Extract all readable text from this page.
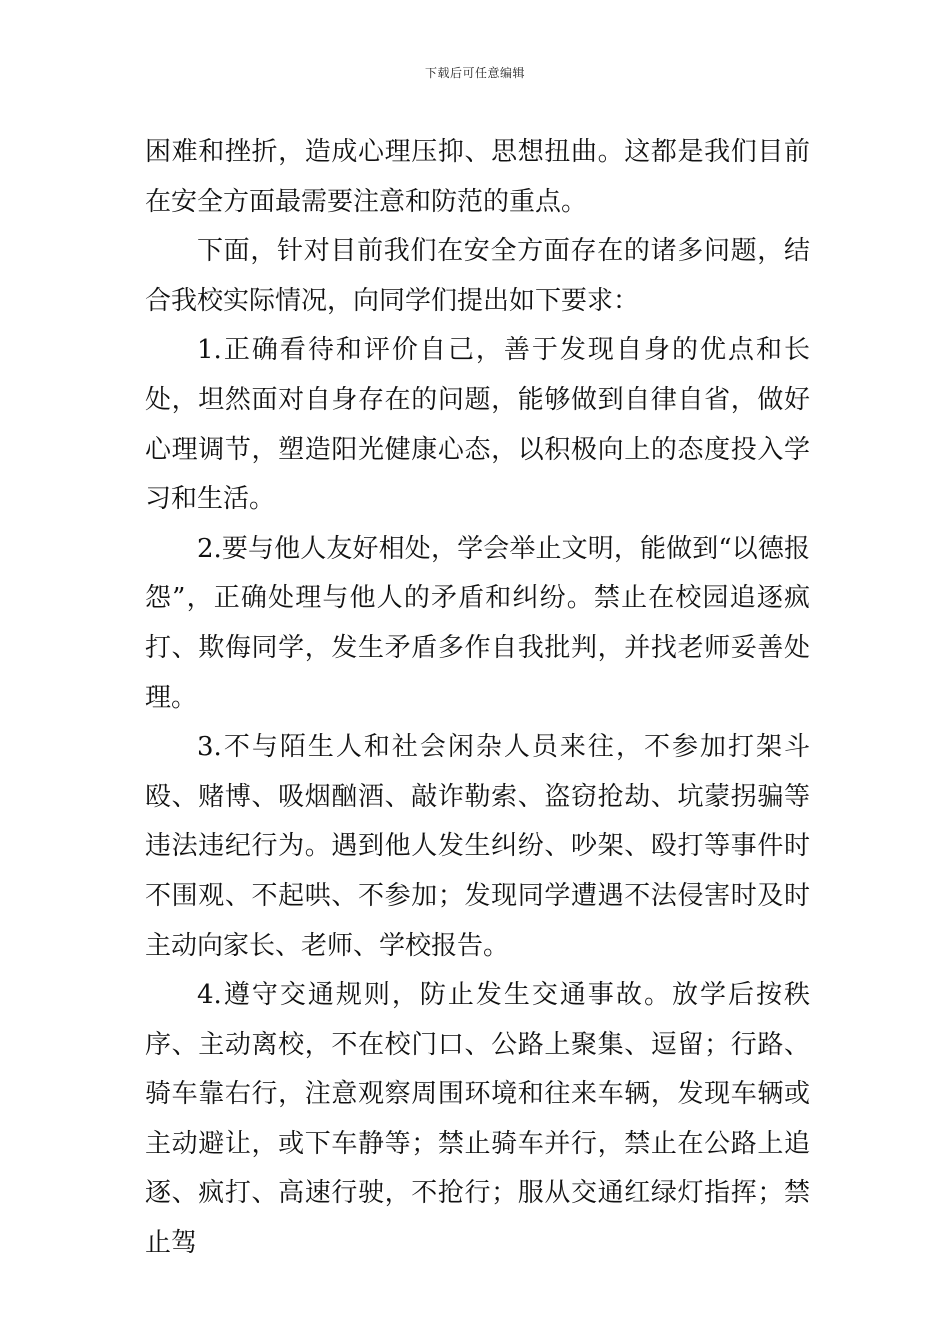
下载后可任意编辑

困难和挫折，造成心理压抑、思想扭曲。这都是我们目前在安全方面最需要注意和防范的重点。

下面，针对目前我们在安全方面存在的诸多问题，结合我校实际情况，向同学们提出如下要求：

1.正确看待和评价自己，善于发现自身的优点和长处，坦然面对自身存在的问题，能够做到自律自省，做好心理调节，塑造阳光健康心态，以积极向上的态度投入学习和生活。

2.要与他人友好相处，学会举止文明，能做到“以德报怨”，正确处理与他人的矛盾和纠纷。禁止在校园追逐疯打、欺侮同学，发生矛盾多作自我批判，并找老师妥善处理。

3.不与陌生人和社会闲杂人员来往，不参加打架斗殴、赌博、吸烟酗酒、敲诈勒索、盗窃抢劫、坑蒙拐骗等违法违纪行为。遇到他人发生纠纷、吵架、殴打等事件时不围观、不起哄、不参加；发现同学遭遇不法侵害时及时主动向家长、老师、学校报告。

4.遵守交通规则，防止发生交通事故。放学后按秩序、主动离校，不在校门口、公路上聚集、逗留；行路、骑车靠右行，注意观察周围环境和往来车辆，发现车辆或主动避让，或下车静等；禁止骑车并行，禁止在公路上追逐、疯打、高速行驶，不抢行；服从交通红绿灯指挥；禁止驾
